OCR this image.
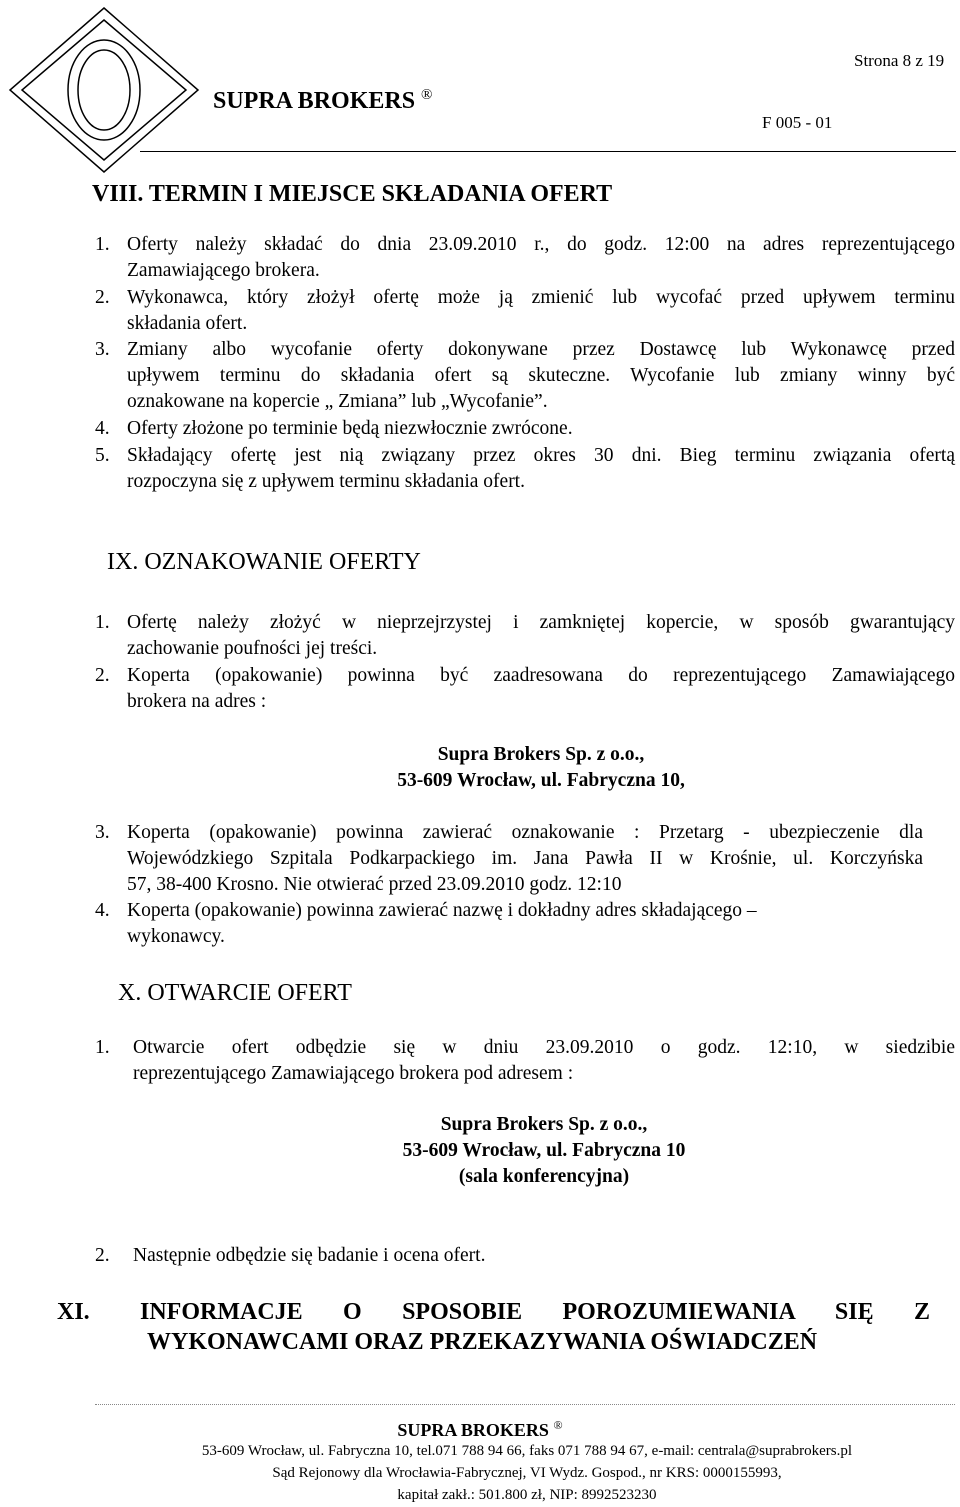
Strona 8 z 19
SUPRA BROKERS ®
F 005 - 01
VIII. TERMIN I MIEJSCE SKŁADANIA OFERT
1. Oferty należy składać do dnia 23.09.2010 r., do godz. 12:00 na adres reprezentującego
Zamawiającego brokera.
2. Wykonawca, który złożył ofertę może ją zmienić lub wycofać przed upływem terminu
składania ofert.
3. Zmiany albo wycofanie oferty dokonywane przez Dostawcę lub Wykonawcę przed
upływem terminu do składania ofert są skuteczne. Wycofanie lub zmiany winny być
oznakowane na kopercie „ Zmiana” lub „Wycofanie”.
4. Oferty złożone po terminie będą niezwłocznie zwrócone.
5. Składający ofertę jest nią związany przez okres 30 dni. Bieg terminu związania ofertą
rozpoczyna się z upływem terminu składania ofert.
IX. OZNAKOWANIE OFERTY
1. Ofertę należy złożyć w nieprzejrzystej i zamkniętej kopercie, w sposób gwarantujący
zachowanie poufności jej treści.
2. Koperta (opakowanie) powinna być zaadresowana do reprezentującego Zamawiającego
brokera na adres :
Supra Brokers Sp. z o.o.,
53-609 Wrocław, ul. Fabryczna 10,
3. Koperta (opakowanie) powinna zawierać oznakowanie : Przetarg - ubezpieczenie dla
Wojewódzkiego Szpitala Podkarpackiego im. Jana Pawła II w Krośnie, ul. Korczyńska
57, 38-400 Krosno. Nie otwierać przed 23.09.2010 godz. 12:10
4. Koperta (opakowanie) powinna zawierać nazwę i dokładny adres składającego –
wykonawcy.
X. OTWARCIE OFERT
1. Otwarcie ofert odbędzie się w dniu 23.09.2010 o godz. 12:10, w siedzibie
reprezentującego Zamawiającego brokera pod adresem :
Supra Brokers Sp. z o.o.,
53-609 Wrocław, ul. Fabryczna 10
(sala konferencyjna)
2. Następnie odbędzie się badanie i ocena ofert.
XI. INFORMACJE O SPOSOBIE POROZUMIEWANIA SIĘ Z
WYKONAWCAMI ORAZ PRZEKAZYWANIA OŚWIADCZEŃ
SUPRA BROKERS ®
53-609 Wrocław, ul. Fabryczna 10, tel.071 788 94 66, faks 071 788 94 67, e-mail: centrala@suprabrokers.pl
Sąd Rejonowy dla Wrocławia-Fabrycznej, VI Wydz. Gospod., nr KRS: 0000155993,
kapitał zakł.: 501.800 zł, NIP: 8992523230
